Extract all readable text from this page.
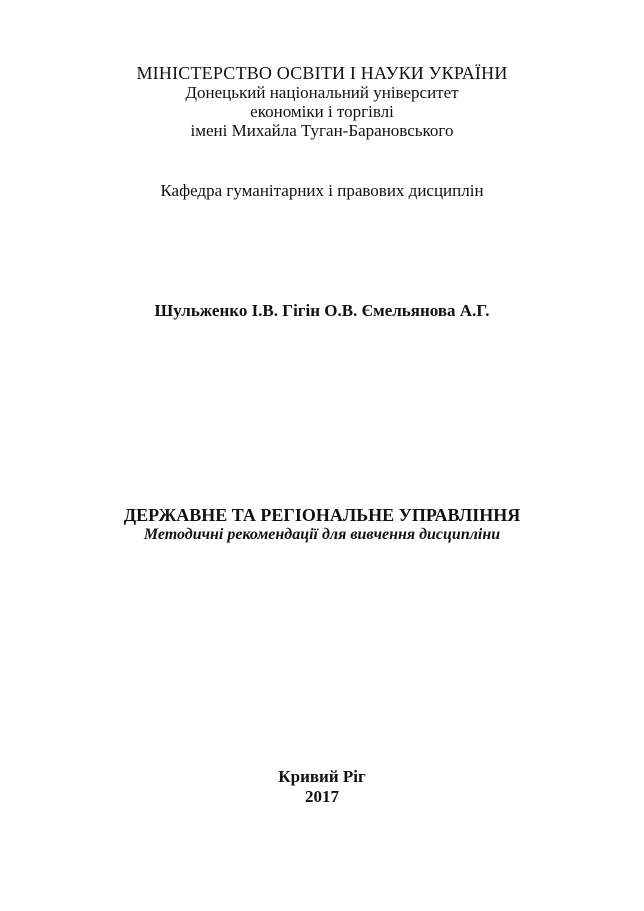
МІНІСТЕРСТВО ОСВІТИ І НАУКИ УКРАЇНИ
Донецький національний університет
економіки і торгівлі
імені Михайла Туган-Барановського
Кафедра гуманітарних і правових дисциплін
Шульженко І.В. Гігін О.В. Ємельянова А.Г.
ДЕРЖАВНЕ ТА РЕГІОНАЛЬНЕ УПРАВЛІННЯ
Методичні рекомендації для вивчення дисципліни
Кривий Ріг
2017
